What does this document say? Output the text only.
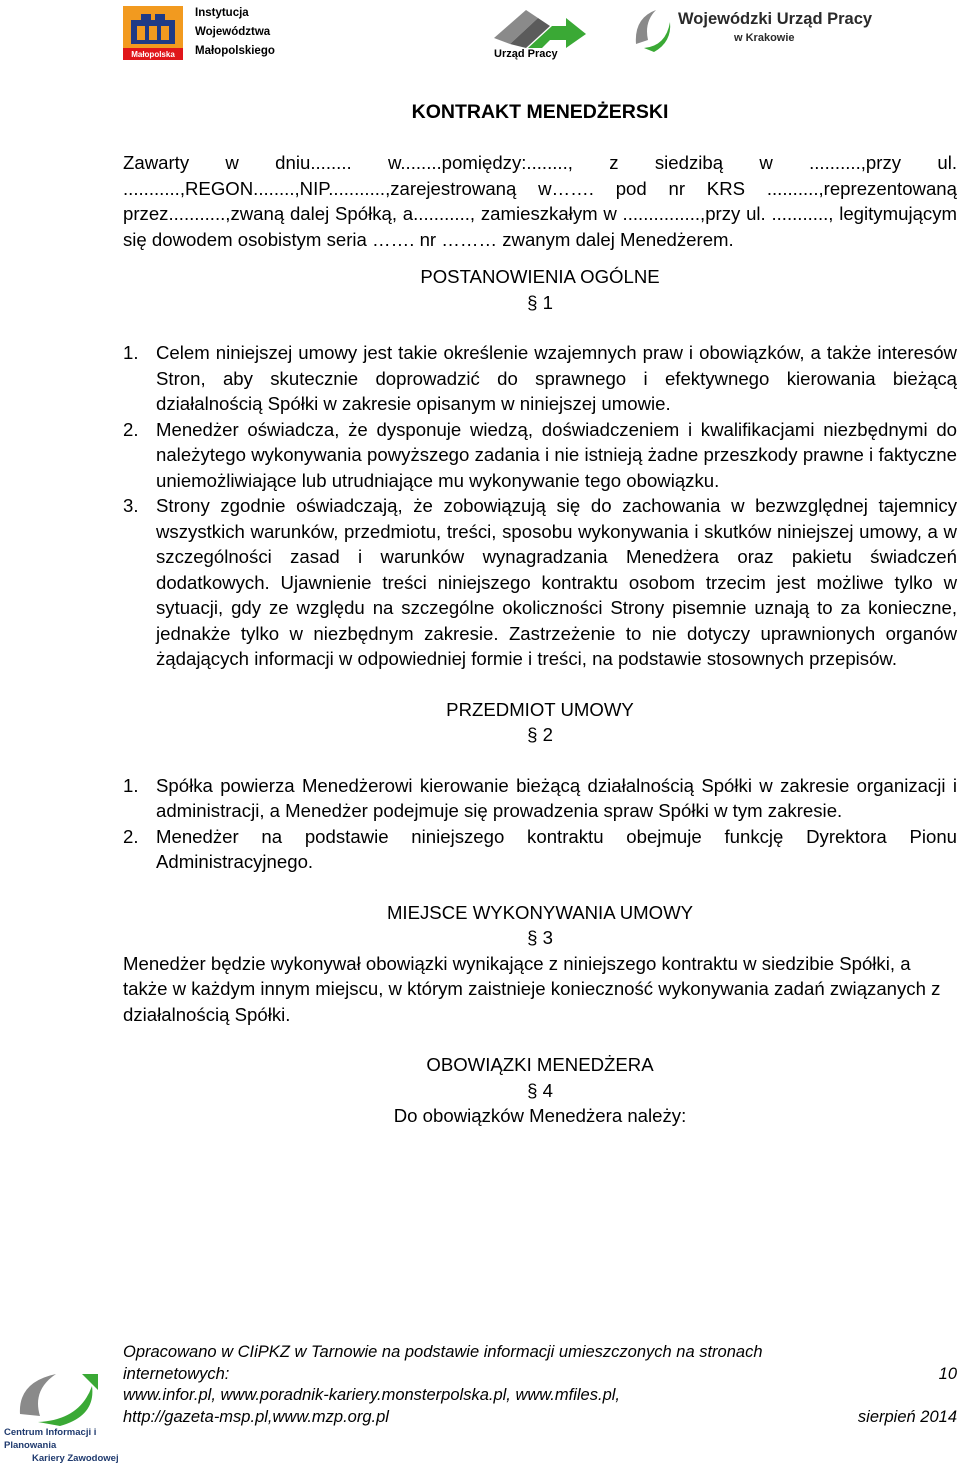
Małopolska
Instytucja
Województwa
Małopolskiego	Urząd Pracy
Wojewódzki Urząd Pracy
w Krakowie
KONTRAKT MENEDŻERSKI

Zawarty w dniu........ w........pomiędzy:........, z siedzibą w ..........,przy ul. ...........,REGON........,NIP...........,zarejestrowaną w……. pod nr KRS ..........,reprezentowaną przez...........,zwaną dalej Spółką, a..........., zamieszkałym w ...............,przy ul. ..........., legitymującym się dowodem osobistym seria ……. nr ……… zwanym dalej Menedżerem.

POSTANOWIENIA OGÓLNE

§ 1

1. Celem niniejszej umowy jest takie określenie wzajemnych praw i obowiązków, a także interesów Stron, aby skutecznie doprowadzić do sprawnego i efektywnego kierowania bieżącą działalnością Spółki w zakresie opisanym w niniejszej umowie.
2. Menedżer oświadcza, że dysponuje wiedzą, doświadczeniem i kwalifikacjami niezbędnymi do należytego wykonywania powyższego zadania i nie istnieją żadne przeszkody prawne i faktyczne uniemożliwiające lub utrudniające mu wykonywanie tego obowiązku.
3. Strony zgodnie oświadczają, że zobowiązują się do zachowania w bezwzględnej tajemnicy wszystkich warunków, przedmiotu, treści, sposobu wykonywania i skutków niniejszej umowy, a w szczególności zasad i warunków wynagradzania Menedżera oraz pakietu świadczeń dodatkowych. Ujawnienie treści niniejszego kontraktu osobom trzecim jest możliwe tylko w sytuacji, gdy ze względu na szczególne okoliczności Strony pisemnie uznają to za konieczne, jednakże tylko w niezbędnym zakresie. Zastrzeżenie to nie dotyczy uprawnionych organów żądających informacji w odpowiedniej formie i treści, na podstawie stosownych przepisów.

PRZEDMIOT UMOWY

§ 2

1. Spółka powierza Menedżerowi kierowanie bieżącą działalnością Spółki w zakresie organizacji i administracji, a Menedżer podejmuje się prowadzenia spraw Spółki w tym zakresie.
2. Menedżer na podstawie niniejszego kontraktu obejmuje funkcję Dyrektora Pionu Administracyjnego.

MIEJSCE WYKONYWANIA UMOWY

§ 3

Menedżer będzie wykonywał obowiązki wynikające z niniejszego kontraktu w siedzibie Spółki, a także w każdym innym miejscu, w którym zaistnieje konieczność wykonywania zadań związanych z działalnością Spółki.

OBOWIĄZKI MENEDŻERA

§ 4

Do obowiązków Menedżera należy:

Centrum Informacji i Planowania
Kariery Zawodowej
Opracowano w CIiPKZ w Tarnowie na podstawie informacji umieszczonych na stronach
internetowych:	10
www.infor.pl, www.poradnik-kariery.monsterpolska.pl, www.mfiles.pl,
http://gazeta-msp.pl,www.mzp.org.pl	sierpień 2014
